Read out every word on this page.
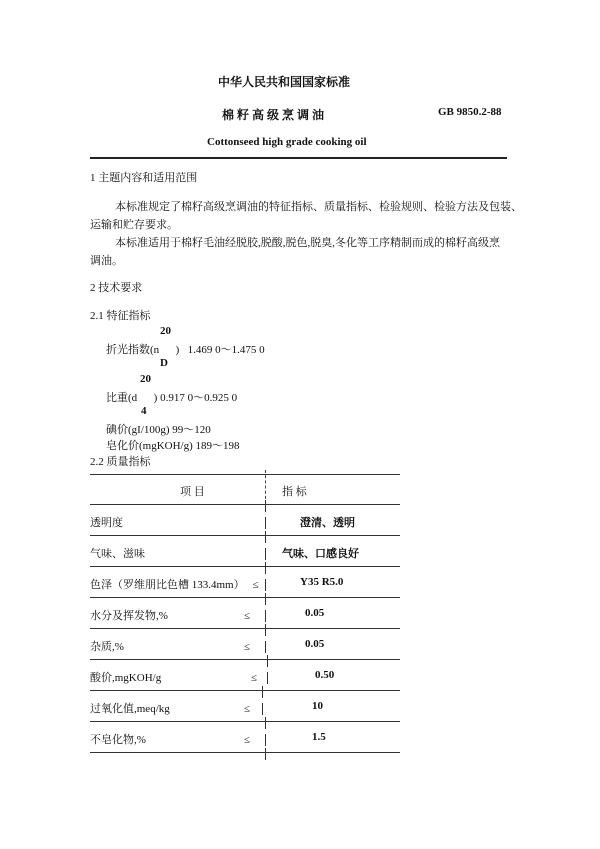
中华人民共和国国家标准
棉 籽 高 级 烹 调 油	GB 9850.2-88
Cottonseed high grade cooking oil
1 主题内容和适用范围
本标准规定了棉籽高级烹调油的特征指标、质量指标、检验规则、检验方法及包装、
运输和贮存要求。
本标准适用于棉籽毛油经脱胶,脱酸,脱色,脱臭,冬化等工序精制而成的棉籽高级烹
调油。
2 技术要求
2.1 特征指标
20
折光指数(n      )   1.469 0～1.475 0
D
20
比重(d      ) 0.917 0～0.925 0
4
碘价(gI/100g) 99～120
皂化价(mgKOH/g) 189～198
2.2 质量指标
项 目	指 标
透明度	澄清、透明
气味、滋味	气味、口感良好
色泽（罗维朋比色槽 133.4mm） ≤	Y35 R5.0
水分及挥发物,%	≤	0.05
杂质,%	≤	0.05
酸价,mgKOH/g	≤	0.50
过氧化值,meq/kg	≤	10
不皂化物,%	≤	1.5
